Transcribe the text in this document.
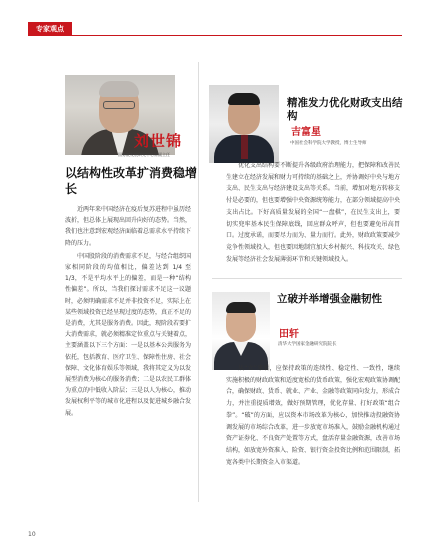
专家观点
刘世锦
国务院发展研究中心原副主任
以结构性改革扩消费稳增长

近两年来中国经济在疫后复苏进程中虽历经波折，但总体上展现出回升向好的态势。当然，我们也注意到宏观经济面临着总需求水平持续下降的压力。

中国股阶段的消费需求不足，与经合组织国家相同阶段的均值相比，偏差达到 1/4 至 1/3，不是平均水平上的偏差，而是一种“结构性偏差”。所以，当我们探讨需求不足这一议题时，必须明确需求不足并非投资不足，实际上在某些领域投资已经呈现过度的态势，真正不足的是消费，尤其是服务消费。因此，现阶段若要扩大消费需求，就必须精准定位重点与关键着点，主要涵盖以下三个方面：一是以基本公共服务为依托，包括教育、医疗卫生、保障性住房、社会保障、文化体育娱乐等领域，我将其定义为以发展型消费为核心的服务消费；二是以农民工群体为重点的中低收入阶层；三是以人为核心，推动发展权利平等的城市化进程以及促进城乡融合发展。

精准发力优化财政支出结构
吉富星
中国社会科学院大学教授，博士生导师

优化支出结构要不断提升各级政府治理能力，把保障和改善民生建立在经济发展和财力可持续的基础之上，并协调好中央与地方支出、民生支出与经济建设支出等关系。当前，增加对地方转移支付是必要的，但也要增强中央资源统筹能力，在部分领域提高中央支出占比。下好高质量发展的全国“一盘棋”，在民生支出上，要切实兜牢基本民生保障底线，回应群众呼声，但也要避免吊高胃口。过度承诺，而要尽力而为、量力而行。此外，财政政策要减少竞争性领域投入，但也要因地制宜加大乡村振兴、科技攻关、绿色发展等经济社会发展薄弱环节和关键领域投入。

立破并举增强金融韧性
田轩
清华大学国家金融研究院院长

从“立”来看，应保持政策的连续性、稳定性、一致性，继续实施积极的财政政策和适度宽松的货币政策，强化宏观政策协调配合，确保财政、货币、就业、产业、金融等政策同向发力，形成合力，并注重提质增效，做好预期管理，优化存量、打好政策“组合拳”。“破”的方面，应以资本市场改革为核心，加快推动投融资协调发展的市场综合改革，进一步放宽市场准入，鼓励金融机构通过资产证券化、不良资产处置等方式，盘活存量金融资源，改善市场结构，如放宽外资准入、险资、银行资金投资比例和范围限制，拓宽各类中长期资金入市渠道。

10
